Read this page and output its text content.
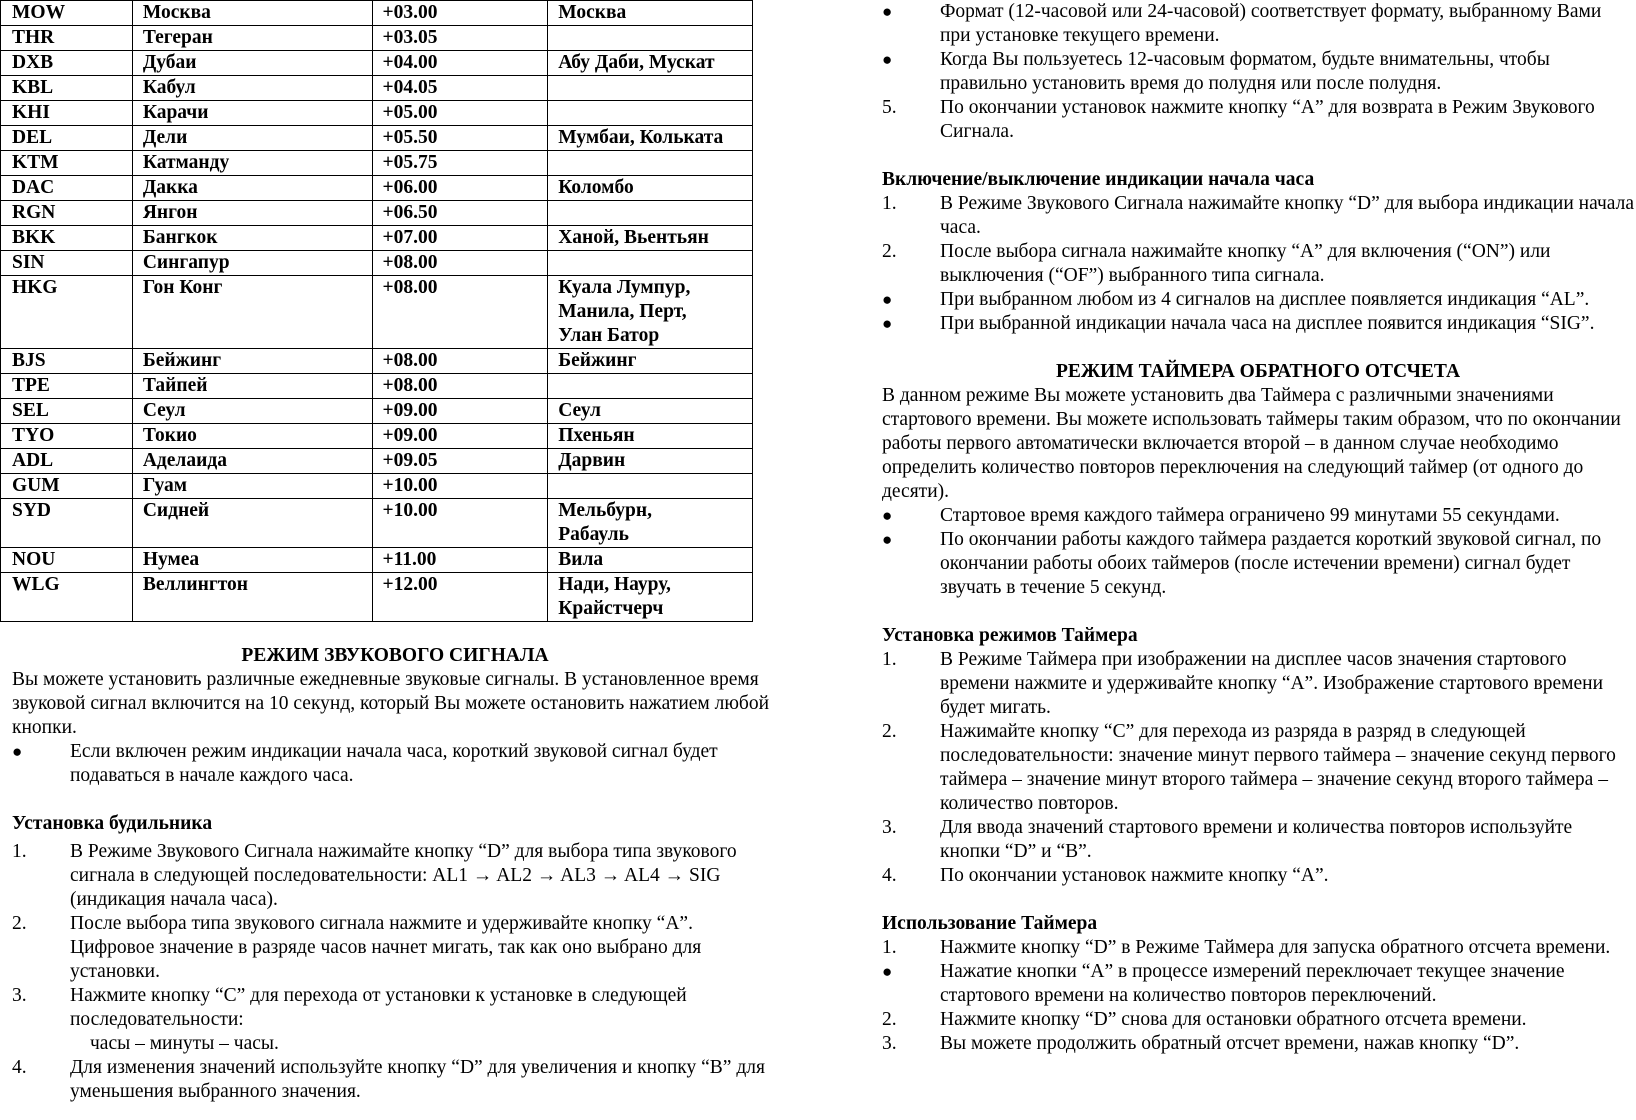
MOW	Москва	+03.00	Москва
THR	Тегеран	+03.05	
DXB	Дубаи	+04.00	Абу Даби, Мускат
KBL	Кабул	+04.05	
KHI	Карачи	+05.00	
DEL	Дели	+05.50	Мумбаи, Кольката
KTM	Катманду	+05.75	
DAC	Дакка	+06.00	Коломбо
RGN	Янгон	+06.50	
BKK	Бангкок	+07.00	Ханой, Вьентьян
SIN	Сингапур	+08.00	
HKG	Гон Конг	+08.00	Куала Лумпур,
Манила, Перт,
Улан Батор
BJS	Бейжинг	+08.00	Бейжинг
TPE	Тайпей	+08.00	
SEL	Сеул	+09.00	Сеул
TYO	Токио	+09.00	Пхеньян
ADL	Аделаида	+09.05	Дарвин
GUM	Гуам	+10.00	
SYD	Сидней	+10.00	Мельбурн,
Рабауль
NOU	Нумеа	+11.00	Вила
WLG	Веллингтон	+12.00	Нади, Науру,
Крайстчерч
РЕЖИМ ЗВУКОВОГО СИГНАЛА

Вы можете установить различные ежедневные звуковые сигналы. В установленное время звуковой сигнал включится на 10 секунд, который Вы можете остановить нажатием любой кнопки.

● Если включен режим индикации начала часа, короткий звуковой сигнал будет подаваться в начале каждого часа.
Установка будильника
1. В Режиме Звукового Сигнала нажимайте кнопку “D” для выбора типа звукового сигнала в следующей последовательности: AL1 → AL2 → AL3 → AL4 → SIG (индикация начала часа).
2. После выбора типа звукового сигнала нажмите и удерживайте кнопку “А”. Цифровое значение в разряде часов начнет мигать, так как оно выбрано для установки.
3. Нажмите кнопку “С” для перехода от установки к установке в следующей последовательности:
часы – минуты – часы.
4. Для изменения значений используйте кнопку “D” для увеличения и кнопку “В” для уменьшения выбранного значения.
● Формат (12-часовой или 24-часовой) соответствует формату, выбранному Вами при установке текущего времени.
● Когда Вы пользуетесь 12-часовым форматом, будьте внимательны, чтобы правильно установить время до полудня или после полудня.
5. По окончании установок нажмите кнопку “А” для возврата в Режим Звукового Сигнала.
Включение/выключение индикации начала часа
1. В Режиме Звукового Сигнала нажимайте кнопку “D” для выбора индикации начала часа.
2. После выбора сигнала нажимайте кнопку “А” для включения (“ON”) или выключения (“OF”) выбранного типа сигнала.
● При выбранном любом из 4 сигналов на дисплее появляется индикация “AL”.
● При выбранной индикации начала часа на дисплее появится индикация “SIG”.
РЕЖИМ ТАЙМЕРА ОБРАТНОГО ОТСЧЕТА

В данном режиме Вы можете установить два Таймера с различными значениями стартового времени. Вы можете использовать таймеры таким образом, что по окончании работы первого автоматически включается второй – в данном случае необходимо определить количество повторов переключения на следующий таймер (от одного до десяти).

● Стартовое время каждого таймера ограничено 99 минутами 55 секундами.
● По окончании работы каждого таймера раздается короткий звуковой сигнал, по окончании работы обоих таймеров (после истечении времени) сигнал будет звучать в течение 5 секунд.
Установка режимов Таймера
1. В Режиме Таймера при изображении на дисплее часов значения стартового времени нажмите и удерживайте кнопку “А”. Изображение стартового времени будет мигать.
2. Нажимайте кнопку “С” для перехода из разряда в разряд в следующей последовательности: значение минут первого таймера – значение секунд первого таймера – значение минут второго таймера – значение секунд второго таймера – количество повторов.
3. Для ввода значений стартового времени и количества повторов используйте кнопки “D” и “В”.
4. По окончании установок нажмите кнопку “А”.
Использование Таймера
1. Нажмите кнопку “D” в Режиме Таймера для запуска обратного отсчета времени.
● Нажатие кнопки “А” в процессе измерений переключает текущее значение стартового времени на количество повторов переключений.
2. Нажмите кнопку “D” снова для остановки обратного отсчета времени.
3. Вы можете продолжить обратный отсчет времени, нажав кнопку “D”.
